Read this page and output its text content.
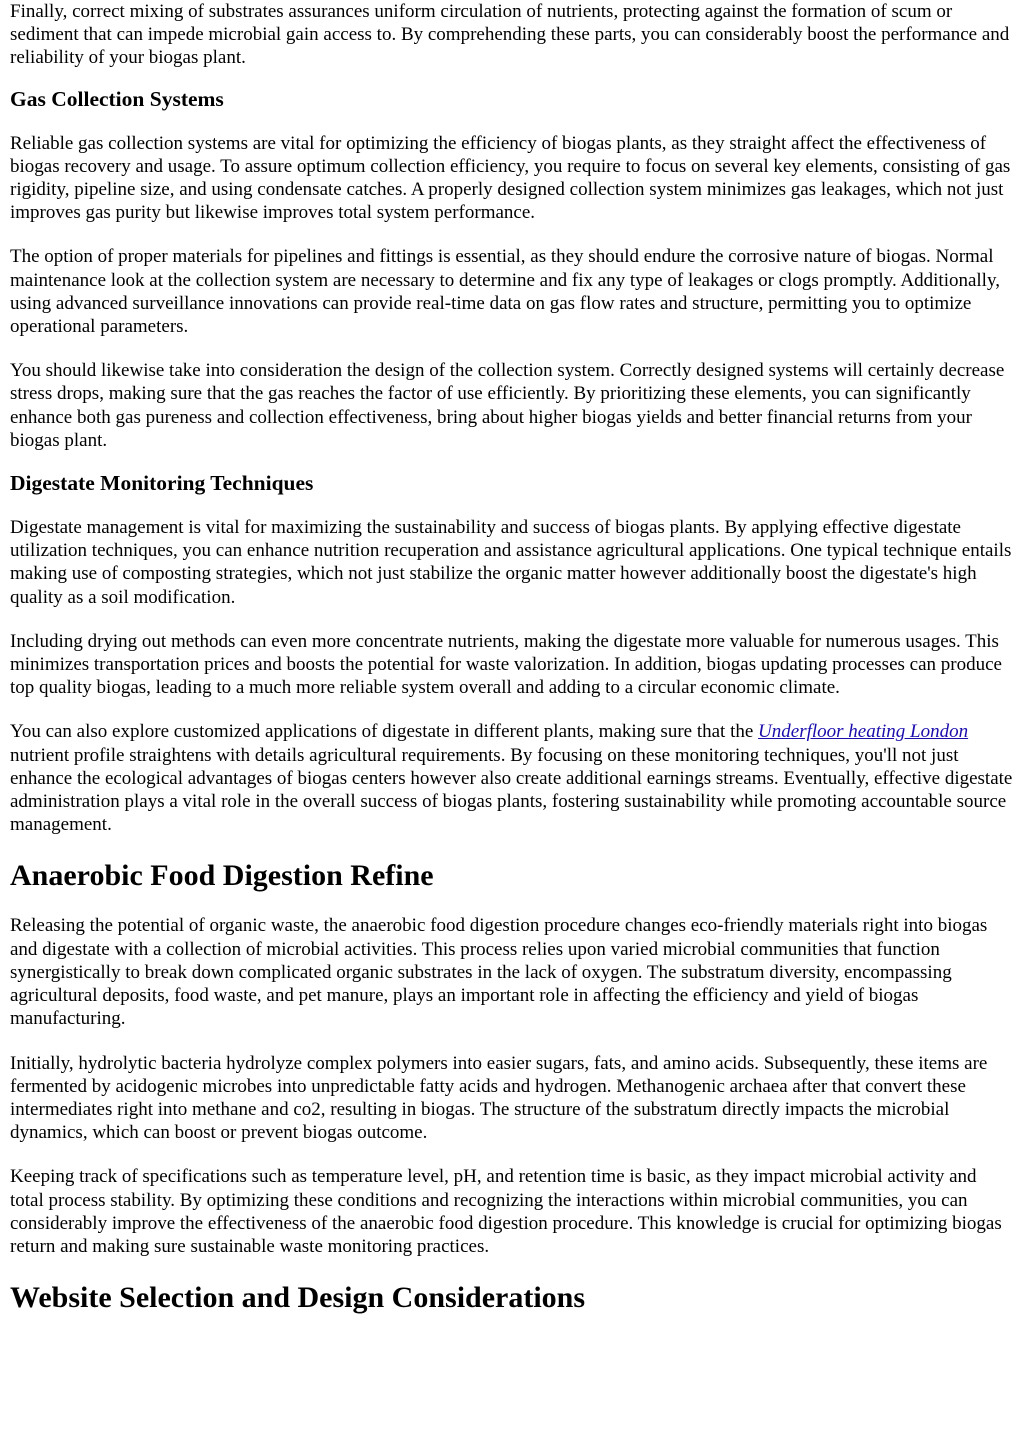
Finally, correct mixing of substrates assurances uniform circulation of nutrients, protecting against the formation of scum or sediment that can impede microbial gain access to. By comprehending these parts, you can considerably boost the performance and reliability of your biogas plant.

Gas Collection Systems

Reliable gas collection systems are vital for optimizing the efficiency of biogas plants, as they straight affect the effectiveness of biogas recovery and usage. To assure optimum collection efficiency, you require to focus on several key elements, consisting of gas rigidity, pipeline size, and using condensate catches. A properly designed collection system minimizes gas leakages, which not just improves gas purity but likewise improves total system performance.

The option of proper materials for pipelines and fittings is essential, as they should endure the corrosive nature of biogas. Normal maintenance look at the collection system are necessary to determine and fix any type of leakages or clogs promptly. Additionally, using advanced surveillance innovations can provide real-time data on gas flow rates and structure, permitting you to optimize operational parameters.

You should likewise take into consideration the design of the collection system. Correctly designed systems will certainly decrease stress drops, making sure that the gas reaches the factor of use efficiently. By prioritizing these elements, you can significantly enhance both gas pureness and collection effectiveness, bring about higher biogas yields and better financial returns from your biogas plant.

Digestate Monitoring Techniques

Digestate management is vital for maximizing the sustainability and success of biogas plants. By applying effective digestate utilization techniques, you can enhance nutrition recuperation and assistance agricultural applications. One typical technique entails making use of composting strategies, which not just stabilize the organic matter however additionally boost the digestate's high quality as a soil modification.

Including drying out methods can even more concentrate nutrients, making the digestate more valuable for numerous usages. This minimizes transportation prices and boosts the potential for waste valorization. In addition, biogas updating processes can produce top quality biogas, leading to a much more reliable system overall and adding to a circular economic climate.

You can also explore customized applications of digestate in different plants, making sure that the Underfloor heating London nutrient profile straightens with details agricultural requirements. By focusing on these monitoring techniques, you'll not just enhance the ecological advantages of biogas centers however also create additional earnings streams. Eventually, effective digestate administration plays a vital role in the overall success of biogas plants, fostering sustainability while promoting accountable source management.

Anaerobic Food Digestion Refine

Releasing the potential of organic waste, the anaerobic food digestion procedure changes eco-friendly materials right into biogas and digestate with a collection of microbial activities. This process relies upon varied microbial communities that function synergistically to break down complicated organic substrates in the lack of oxygen. The substratum diversity, encompassing agricultural deposits, food waste, and pet manure, plays an important role in affecting the efficiency and yield of biogas manufacturing.

Initially, hydrolytic bacteria hydrolyze complex polymers into easier sugars, fats, and amino acids. Subsequently, these items are fermented by acidogenic microbes into unpredictable fatty acids and hydrogen. Methanogenic archaea after that convert these intermediates right into methane and co2, resulting in biogas. The structure of the substratum directly impacts the microbial dynamics, which can boost or prevent biogas outcome.

Keeping track of specifications such as temperature level, pH, and retention time is basic, as they impact microbial activity and total process stability. By optimizing these conditions and recognizing the interactions within microbial communities, you can considerably improve the effectiveness of the anaerobic food digestion procedure. This knowledge is crucial for optimizing biogas return and making sure sustainable waste monitoring practices.

Website Selection and Design Considerations
